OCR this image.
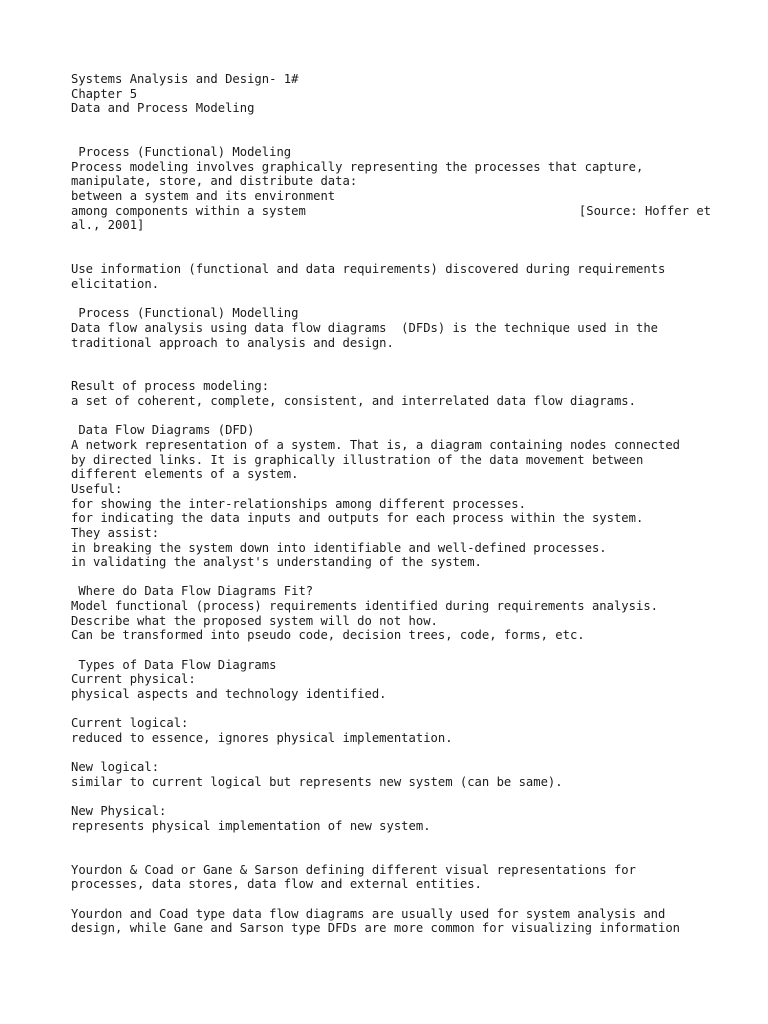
Systems Analysis and Design- 1#
Chapter 5
Data and Process Modeling
Process (Functional) Modeling
Process modeling involves graphically representing the processes that capture,
manipulate, store, and distribute data:
between a system and its environment
among components within a system	[Source: Hoffer et
al., 2001]
Use information (functional and data requirements) discovered during requirements
elicitation.
Process (Functional) Modelling
Data flow analysis using data flow diagrams  (DFDs) is the technique used in the
traditional approach to analysis and design.
Result of process modeling:
a set of coherent, complete, consistent, and interrelated data flow diagrams.
Data Flow Diagrams (DFD)
A network representation of a system. That is, a diagram containing nodes connected
by directed links. It is graphically illustration of the data movement between
different elements of a system.
Useful:
for showing the inter-relationships among different processes.
for indicating the data inputs and outputs for each process within the system.
They assist:
in breaking the system down into identifiable and well-defined processes.
in validating the analyst's understanding of the system.
Where do Data Flow Diagrams Fit?
Model functional (process) requirements identified during requirements analysis.
Describe what the proposed system will do not how.
Can be transformed into pseudo code, decision trees, code, forms, etc.
Types of Data Flow Diagrams
Current physical:
physical aspects and technology identified.
Current logical:
reduced to essence, ignores physical implementation.
New logical:
similar to current logical but represents new system (can be same).
New Physical:
represents physical implementation of new system.
Yourdon & Coad or Gane & Sarson defining different visual representations for
processes, data stores, data flow and external entities.
Yourdon and Coad type data flow diagrams are usually used for system analysis and
design, while Gane and Sarson type DFDs are more common for visualizing information
